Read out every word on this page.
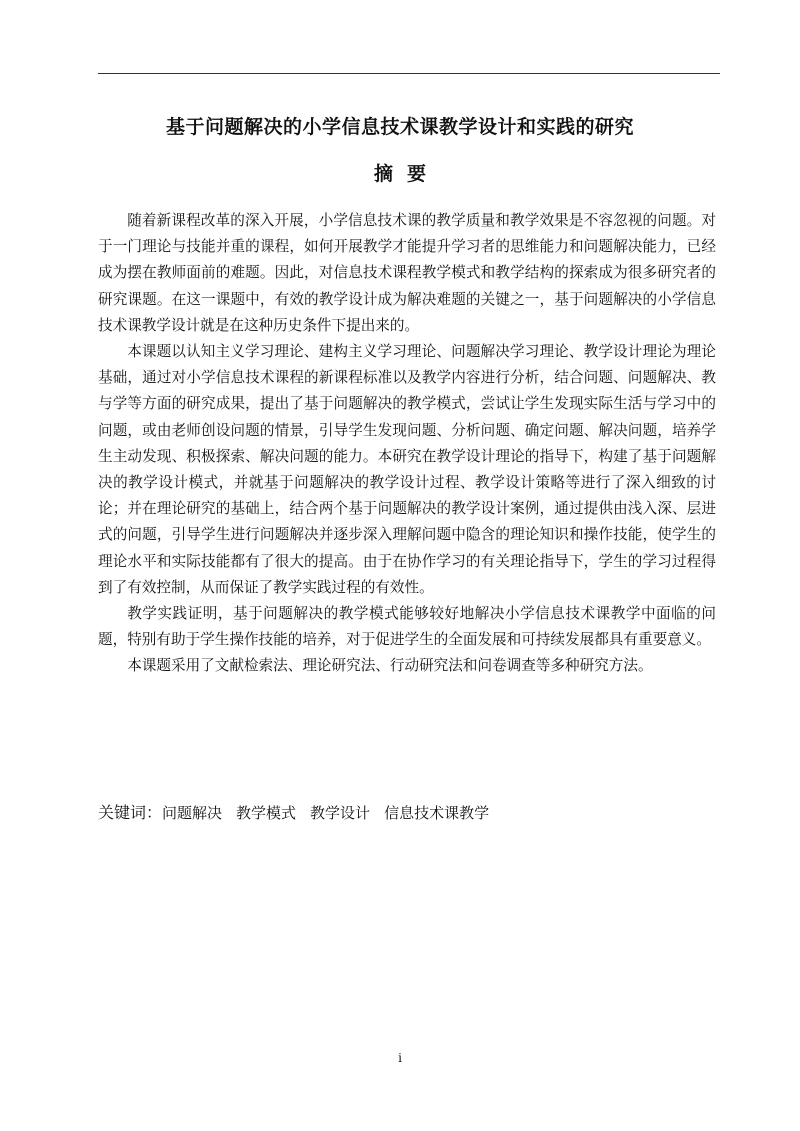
基于问题解决的小学信息技术课教学设计和实践的研究
摘要

随着新课程改革的深入开展，小学信息技术课的教学质量和教学效果是不容忽视的问题。对于一门理论与技能并重的课程，如何开展教学才能提升学习者的思维能力和问题解决能力，已经成为摆在教师面前的难题。因此，对信息技术课程教学模式和教学结构的探索成为很多研究者的研究课题。在这一课题中，有效的教学设计成为解决难题的关键之一，基于问题解决的小学信息技术课教学设计就是在这种历史条件下提出来的。

本课题以认知主义学习理论、建构主义学习理论、问题解决学习理论、教学设计理论为理论基础，通过对小学信息技术课程的新课程标准以及教学内容进行分析，结合问题、问题解决、教与学等方面的研究成果，提出了基于问题解决的教学模式，尝试让学生发现实际生活与学习中的问题，或由老师创设问题的情景，引导学生发现问题、分析问题、确定问题、解决问题，培养学生主动发现、积极探索、解决问题的能力。本研究在教学设计理论的指导下，构建了基于问题解决的教学设计模式，并就基于问题解决的教学设计过程、教学设计策略等进行了深入细致的讨论；并在理论研究的基础上，结合两个基于问题解决的教学设计案例，通过提供由浅入深、层进式的问题，引导学生进行问题解决并逐步深入理解问题中隐含的理论知识和操作技能，使学生的理论水平和实际技能都有了很大的提高。由于在协作学习的有关理论指导下，学生的学习过程得到了有效控制，从而保证了教学实践过程的有效性。

教学实践证明，基于问题解决的教学模式能够较好地解决小学信息技术课教学中面临的问题，特别有助于学生操作技能的培养，对于促进学生的全面发展和可持续发展都具有重要意义。

本课题采用了文献检索法、理论研究法、行动研究法和问卷调查等多种研究方法。

关键词：问题解决 教学模式 教学设计 信息技术课教学
i
